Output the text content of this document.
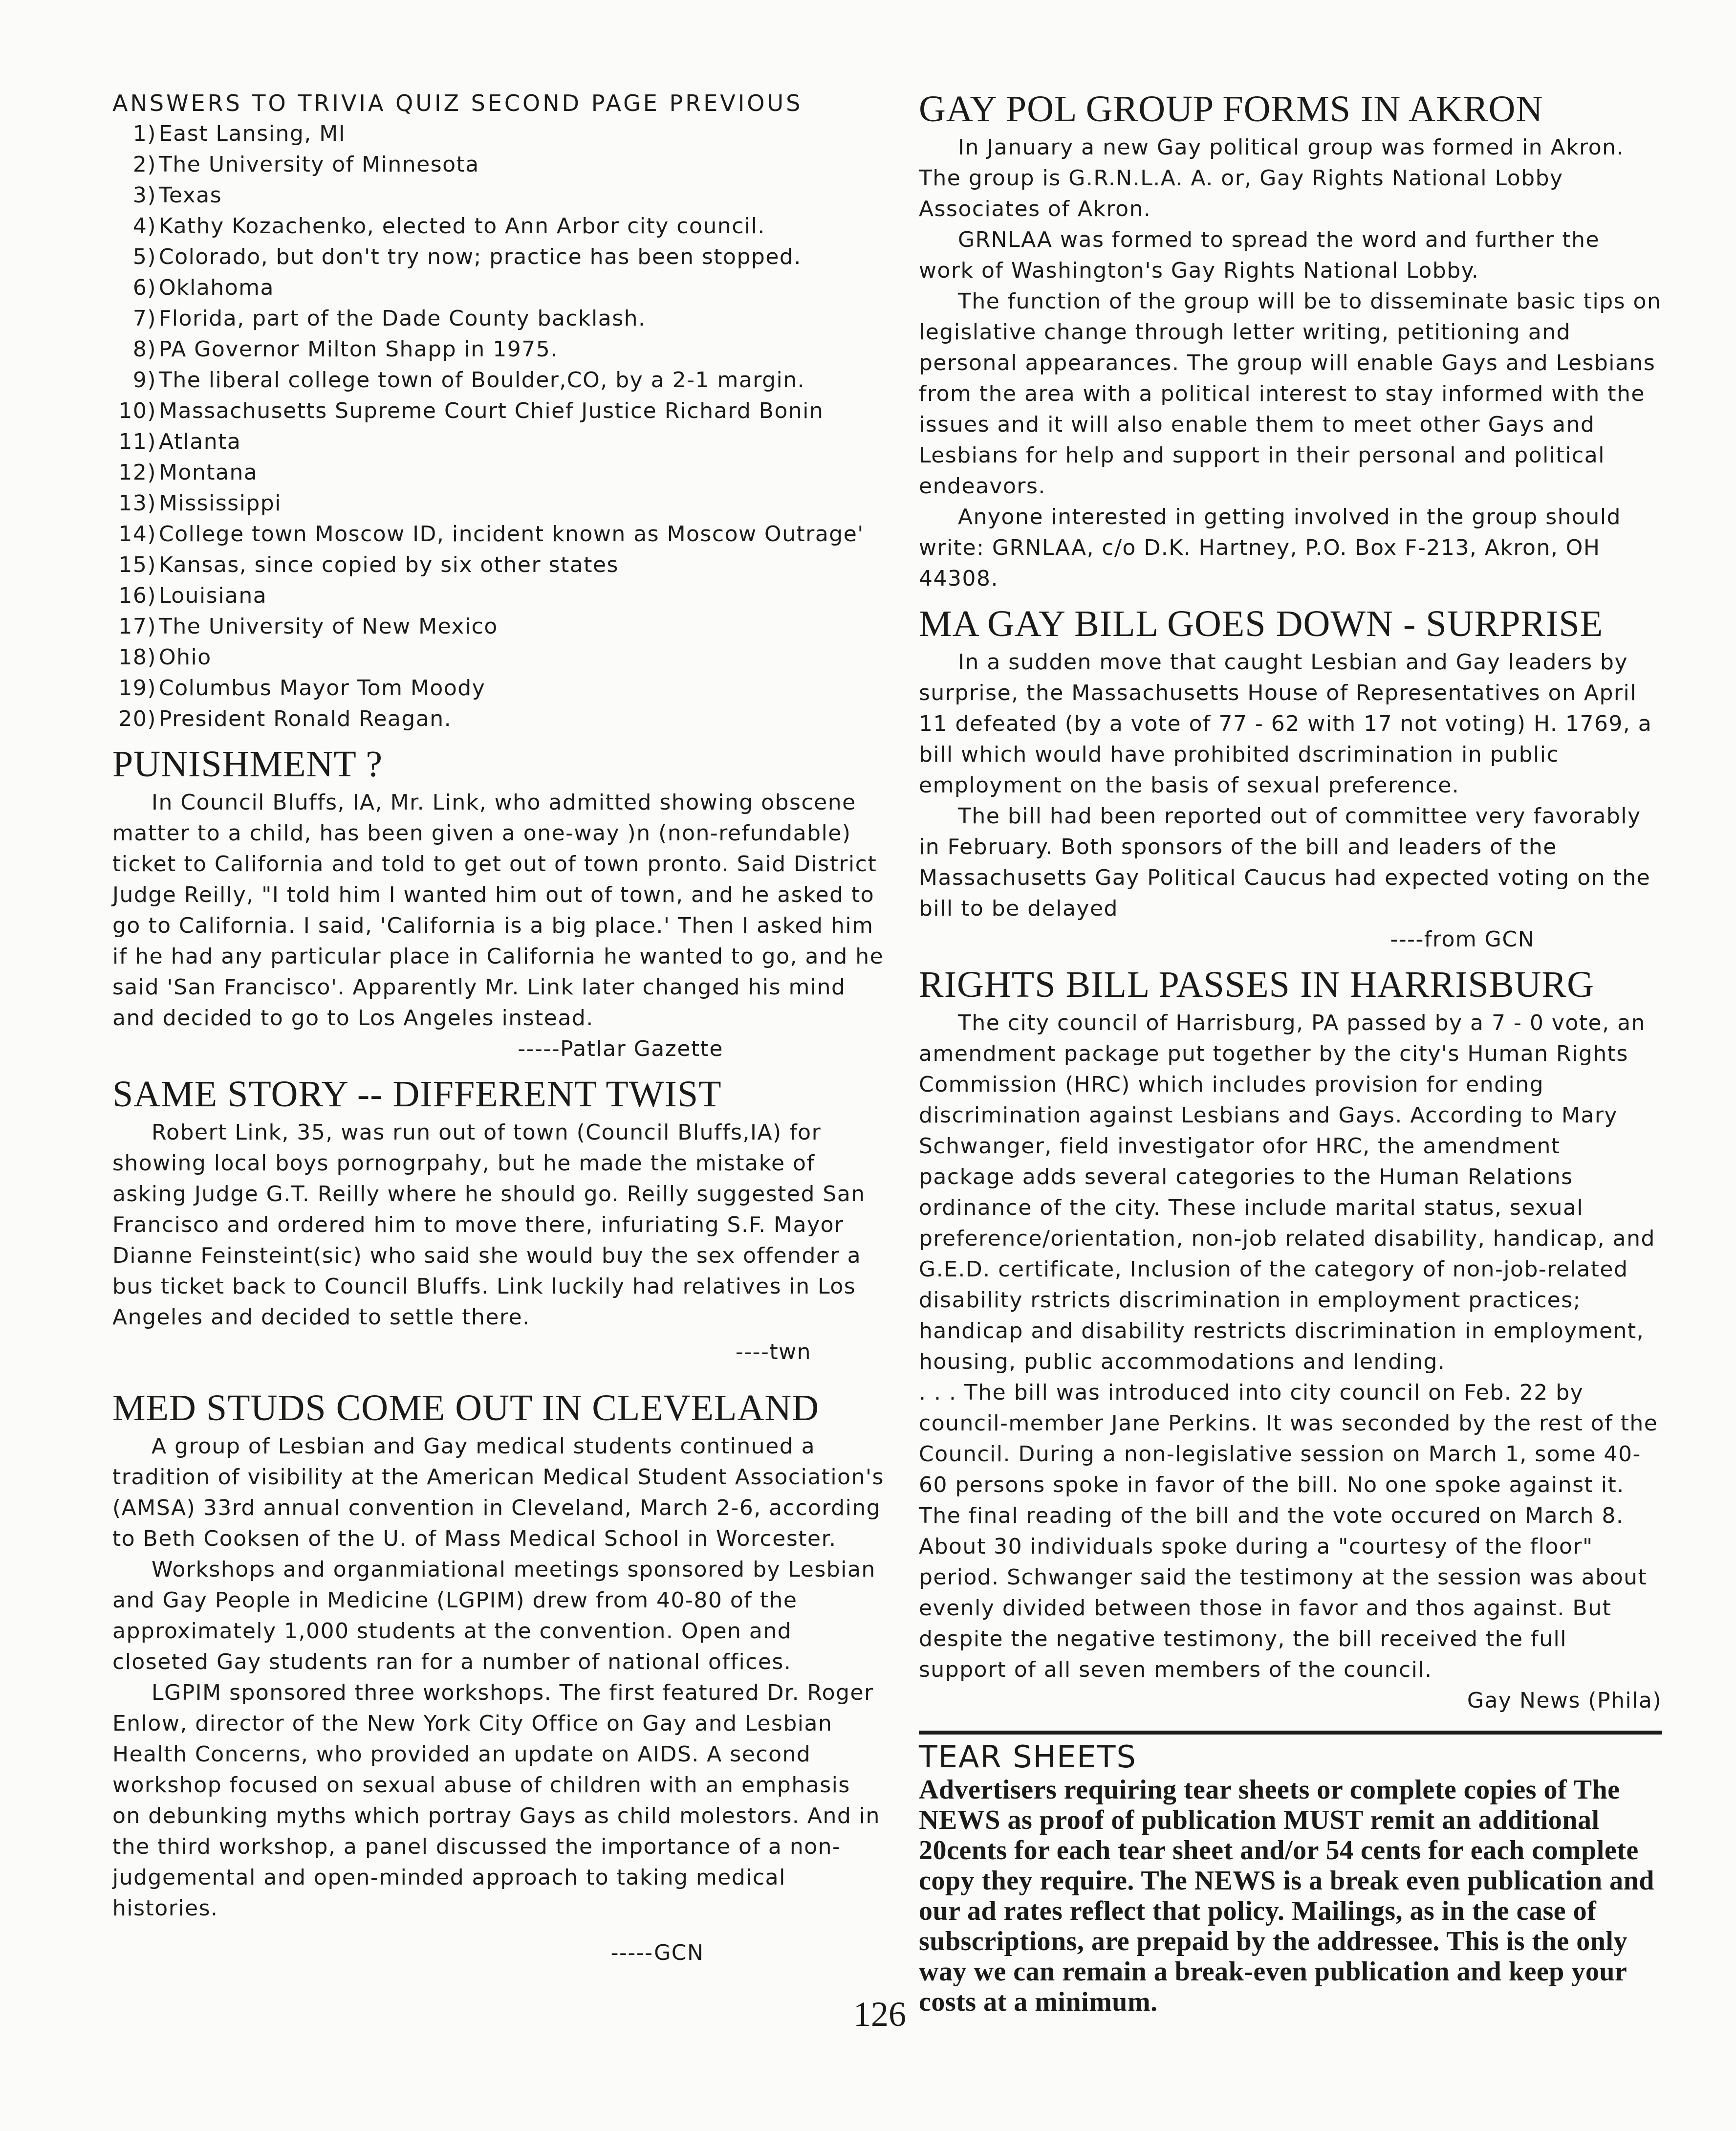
ANSWERS TO TRIVIA QUIZ SECOND PAGE PREVIOUS
1) East Lansing, MI
2) The University of Minnesota
3) Texas
4) Kathy Kozachenko, elected to Ann Arbor city council.
5) Colorado, but don't try now; practice has been stopped.
6) Oklahoma
7) Florida, part of the Dade County backlash.
8) PA Governor Milton Shapp in 1975.
9) The liberal college town of Boulder,CO, by a 2-1 margin.
10) Massachusetts Supreme Court Chief Justice Richard Bonin
11) Atlanta
12) Montana
13) Mississippi
14) College town Moscow ID, incident known as Moscow Outrage'
15) Kansas, since copied by six other states
16) Louisiana
17) The University of New Mexico
18) Ohio
19) Columbus Mayor Tom Moody
20) President Ronald Reagan.
PUNISHMENT ?

In Council Bluffs, IA, Mr. Link, who admitted showing obscene matter to a child, has been given a one-way )n (non-refundable) ticket to California and told to get out of town pronto. Said District Judge Reilly, "I told him I wanted him out of town, and he asked to go to California. I said, 'California is a big place.' Then I asked him if he had any particular place in California he wanted to go, and he said 'San Francisco'. Apparently Mr. Link later changed his mind and decided to go to Los Angeles instead.

-----Patlar Gazette
SAME STORY -- DIFFERENT TWIST

Robert Link, 35, was run out of town (Council Bluffs,IA) for showing local boys pornogrpahy, but he made the mistake of asking Judge G.T. Reilly where he should go. Reilly suggested San Francisco and ordered him to move there, infuriating S.F. Mayor Dianne Feinsteint(sic) who said she would buy the sex offender a bus ticket back to Council Bluffs. Link luckily had relatives in Los Angeles and decided to settle there.

----twn
MED STUDS COME OUT IN CLEVELAND

A group of Lesbian and Gay medical students continued a tradition of visibility at the American Medical Student Association's (AMSA) 33rd annual convention in Cleveland, March 2-6, according to Beth Cooksen of the U. of Mass Medical School in Worcester.

Workshops and organmiational meetings sponsored by Lesbian and Gay People in Medicine (LGPIM) drew from 40-80 of the approximately 1,000 students at the convention. Open and closeted Gay students ran for a number of national offices.

LGPIM sponsored three workshops. The first featured Dr. Roger Enlow, director of the New York City Office on Gay and Lesbian Health Concerns, who provided an update on AIDS. A second workshop focused on sexual abuse of children with an emphasis on debunking myths which portray Gays as child molestors. And in the third workshop, a panel discussed the importance of a non-judgemental and open-minded approach to taking medical histories.

-----GCN
GAY POL GROUP FORMS IN AKRON

In January a new Gay political group was formed in Akron. The group is G.R.N.L.A. A. or, Gay Rights National Lobby Associates of Akron.

GRNLAA was formed to spread the word and further the work of Washington's Gay Rights National Lobby.

The function of the group will be to disseminate basic tips on legislative change through letter writing, petitioning and personal appearances. The group will enable Gays and Lesbians from the area with a political interest to stay informed with the issues and it will also enable them to meet other Gays and Lesbians for help and support in their personal and political endeavors.

Anyone interested in getting involved in the group should write: GRNLAA, c/o D.K. Hartney, P.O. Box F-213, Akron, OH 44308.

MA GAY BILL GOES DOWN - SURPRISE

In a sudden move that caught Lesbian and Gay leaders by surprise, the Massachusetts House of Representatives on April 11 defeated (by a vote of 77 - 62 with 17 not voting) H. 1769, a bill which would have prohibited dscrimination in public employment on the basis of sexual preference.

The bill had been reported out of committee very favorably in February. Both sponsors of the bill and leaders of the Massachusetts Gay Political Caucus had expected voting on the bill to be delayed

----from GCN
RIGHTS BILL PASSES IN HARRISBURG

The city council of Harrisburg, PA passed by a 7 - 0 vote, an amendment package put together by the city's Human Rights Commission (HRC) which includes provision for ending discrimination against Lesbians and Gays. According to Mary Schwanger, field investigator ofor HRC, the amendment package adds several categories to the Human Relations ordinance of the city. These include marital status, sexual preference/orientation, non-job related disability, handicap, and G.E.D. certificate, Inclusion of the category of non-job-related disability rstricts discrimination in employment practices; handicap and disability restricts discrimination in employment, housing, public accommodations and lending.

. . . The bill was introduced into city council on Feb. 22 by council-member Jane Perkins. It was seconded by the rest of the Council. During a non-legislative session on March 1, some 40-60 persons spoke in favor of the bill. No one spoke against it. The final reading of the bill and the vote occured on March 8. About 30 individuals spoke during a "courtesy of the floor" period. Schwanger said the testimony at the session was about evenly divided between those in favor and thos against. But despite the negative testimony, the bill received the full support of all seven members of the council.

Gay News (Phila)
TEAR SHEETS

Advertisers requiring tear sheets or complete copies of The NEWS as proof of publication MUST remit an additional 20cents for each tear sheet and/or 54 cents for each complete copy they require. The NEWS is a break even publication and our ad rates reflect that policy. Mailings, as in the case of subscriptions, are prepaid by the addressee. This is the only way we can remain a break-even publication and keep your costs at a minimum.

126
